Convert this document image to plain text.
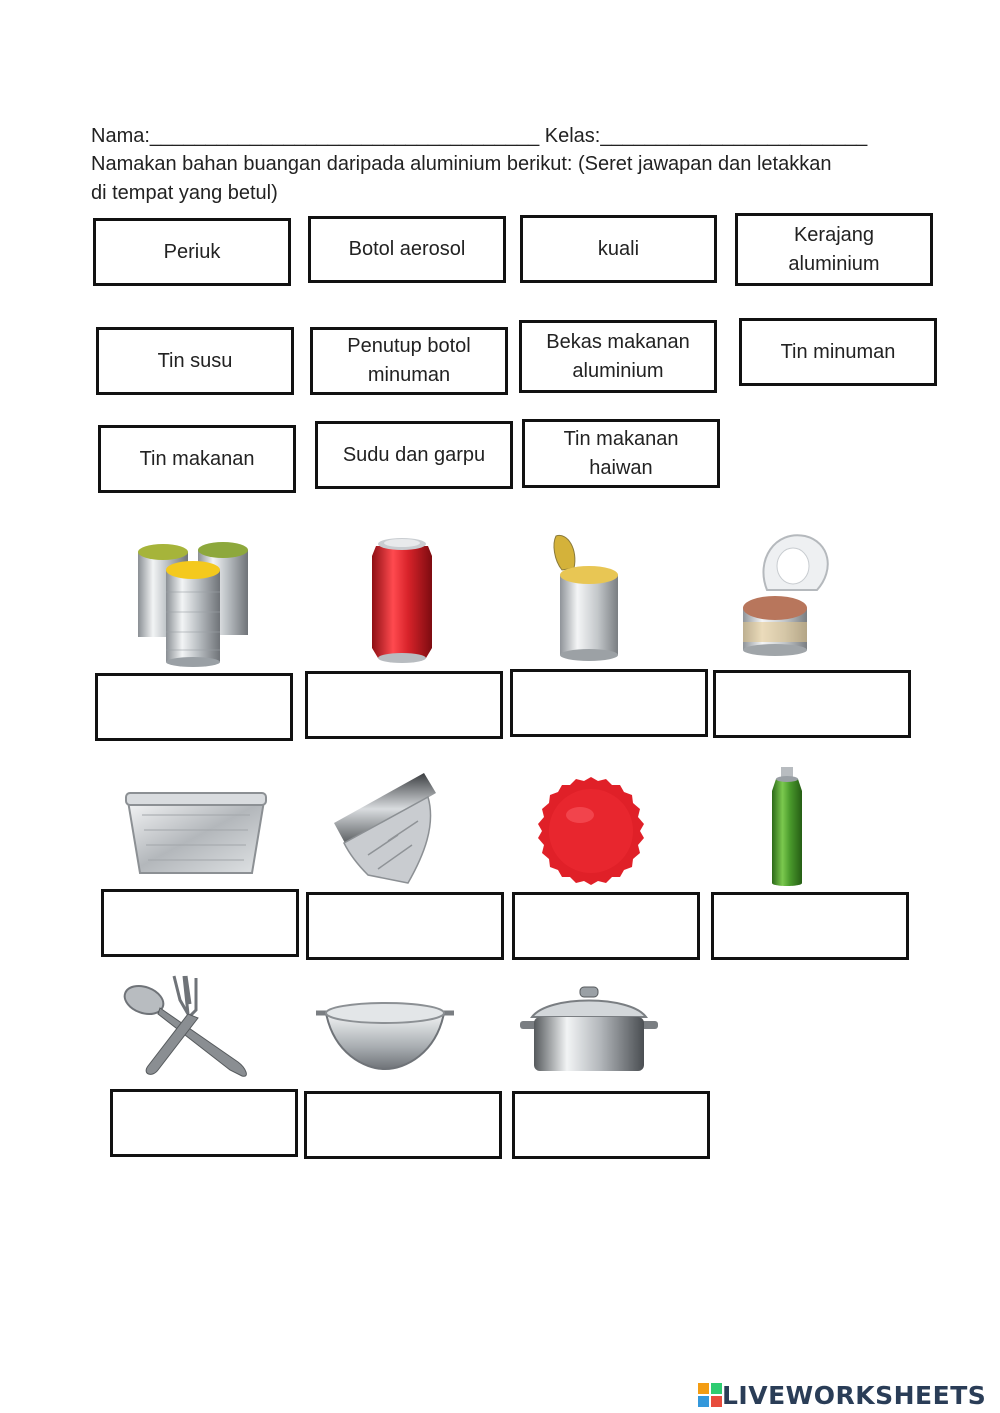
Nama:___________________________________ Kelas:________________________
Namakan bahan buangan daripada aluminium berikut: (Seret jawapan dan letakkan
di tempat yang betul)
Periuk	Botol aerosol	kuali
Kerajang
aluminium
Tin susu
Penutup botol
minuman
Bekas makanan
aluminium
Tin minuman
Tin makanan	Sudu dan garpu
Tin makanan
haiwan
LIVEWORKSHEETS
